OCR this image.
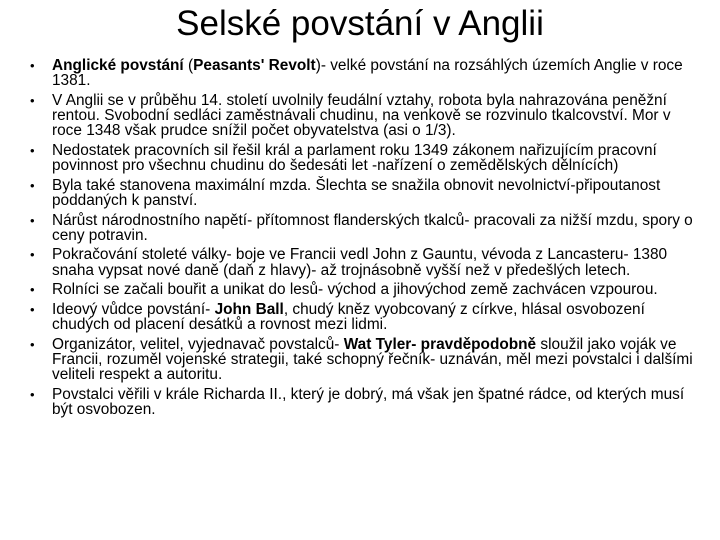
Selské povstání v Anglii
• Anglické povstání (Peasants' Revolt)- velké povstání na rozsáhlých územích Anglie v roce 1381.
• V Anglii se v průběhu 14. století uvolnily feudální vztahy, robota byla nahrazována peněžní rentou. Svobodní sedláci zaměstnávali chudinu, na venkově se rozvinulo tkalcovství. Mor v roce 1348 však prudce snížil počet obyvatelstva (asi o 1/3).
• Nedostatek pracovních sil řešil král a parlament roku 1349 zákonem nařizujícím pracovní povinnost pro všechnu chudinu do šedesáti let -nařízení o zemědělských dělnících)
• Byla také stanovena maximální mzda. Šlechta se snažila obnovit nevolnictví-připoutanost poddaných k panství.
• Nárůst národnostního napětí- přítomnost flanderských tkalců- pracovali za nižší mzdu, spory o ceny potravin.
• Pokračování stoleté války- boje ve Francii vedl John z Gauntu, vévoda z Lancasteru- 1380 snaha vypsat nové daně (daň z hlavy)- až trojnásobně vyšší než v předešlých letech.
• Rolníci se začali bouřit a unikat do lesů- východ a jihovýchod země zachvácen vzpourou.
• Ideový vůdce povstání- John Ball, chudý kněz vyobcovaný z církve, hlásal osvobození chudých od placení desátků a rovnost mezi lidmi.
• Organizátor, velitel, vyjednavač povstalců- Wat Tyler- pravděpodobně sloužil jako voják ve Francii, rozuměl vojenské strategii, také schopný řečník- uznáván, měl mezi povstalci i dalšími veliteli respekt a autoritu.
• Povstalci věřili v krále Richarda II., který je dobrý, má však jen špatné rádce, od kterých musí být osvobozen.
